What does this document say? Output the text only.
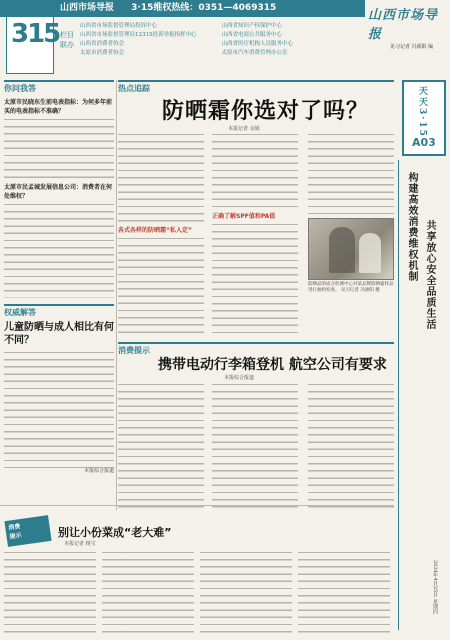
山西市场导报 3·15维权热线：0351—4069315
315 栏目联办
山西省市场监督管理局投诉中心
山西省市场监督管理局12315投诉举报指挥中心
山西省消费者协会
太原市消费者协会
山西省知识产权保护中心
山西省电商公共服务中心
山西省医疗机构人员服务中心
太原市汽车消费管理办公室
山西市场导报
见习记者 冯源阳 编
你问我答
太原市民晓东生前电表指标：为何多年前买的电表指标不准确？
太原市民孟城发展信息公司：消费者在何处维权？
权威解答
儿童防晒与成人相比有何不同？
本报综合报道
热点追踪
防晒霜你选对了吗？
本报记者 余娟
各式各样的防晒霜“私人定”
正确了解SPF值和PA值
防晒品的成分检测中心对某品牌防晒霜样品进行抽检检查。 见习记者 冯源阳 摄
消费提示
携带电动行李箱登机 航空公司有要求
本报综合报道
天天3·15
A03
构建高效消费维权机制 共享放心安全品质生活
2024年4月25日 星期四
消费
提示	别让小份菜成“老大难”
本报记者 杨宝
